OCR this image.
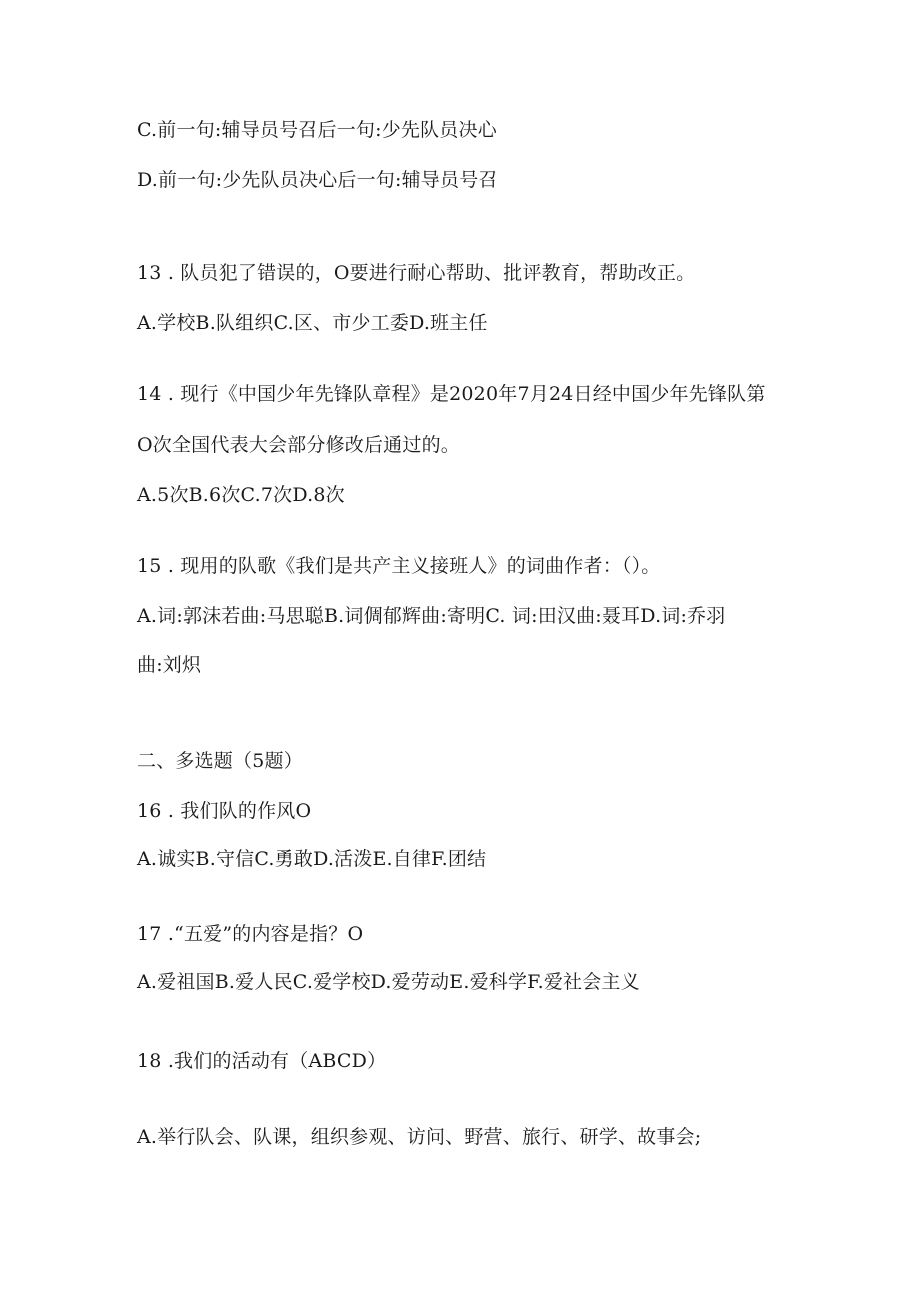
C.前一句:辅导员号召后一句:少先队员决心
D.前一句:少先队员决心后一句:辅导员号召
13 . 队员犯了错误的，O要进行耐心帮助、批评教育，帮助改正。
A.学校B.队组织C.区、市少工委D.班主任
14 . 现行《中国少年先锋队章程》是2020年7月24日经中国少年先锋队第
O次全国代表大会部分修改后通过的。
A.5次B.6次C.7次D.8次
15 . 现用的队歌《我们是共产主义接班人》的词曲作者：（）。
A.词:郭沫若曲:马思聪B.词倜郁辉曲:寄明C. 词:田汉曲:聂耳D.词:乔羽
曲:刘炽
二、多选题（5题）
16 . 我们队的作风O
A.诚实B.守信C.勇敢D.活泼E.自律F.团结
17 .“五爱”的内容是指？O
A.爱祖国B.爱人民C.爱学校D.爱劳动E.爱科学F.爱社会主义
18 .我们的活动有（ABCD）
A.举行队会、队课，组织参观、访问、野营、旅行、研学、故事会;
